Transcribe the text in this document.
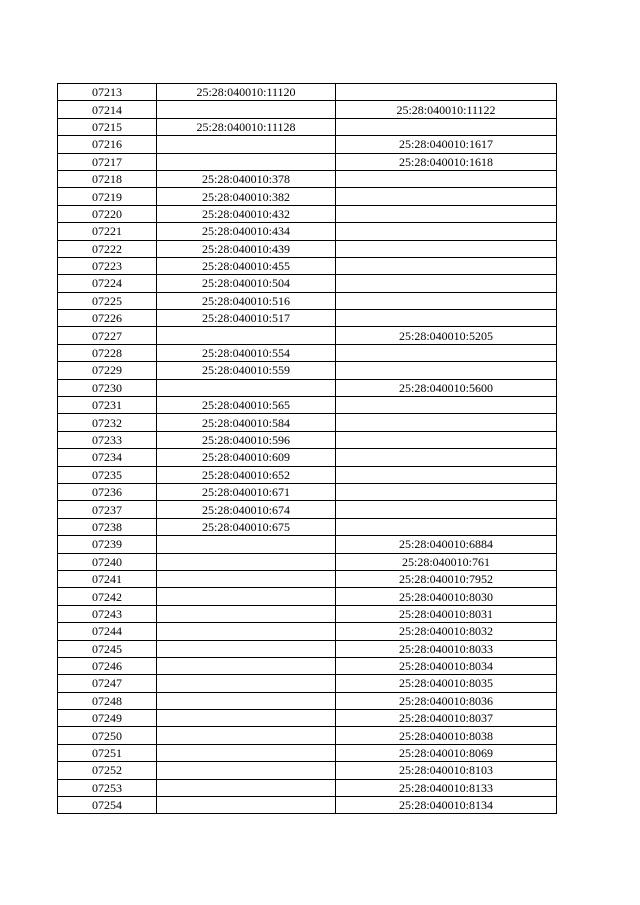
07213	25:28:040010:11120	
07214		25:28:040010:11122
07215	25:28:040010:11128	
07216		25:28:040010:1617
07217		25:28:040010:1618
07218	25:28:040010:378	
07219	25:28:040010:382	
07220	25:28:040010:432	
07221	25:28:040010:434	
07222	25:28:040010:439	
07223	25:28:040010:455	
07224	25:28:040010:504	
07225	25:28:040010:516	
07226	25:28:040010:517	
07227		25:28:040010:5205
07228	25:28:040010:554	
07229	25:28:040010:559	
07230		25:28:040010:5600
07231	25:28:040010:565	
07232	25:28:040010:584	
07233	25:28:040010:596	
07234	25:28:040010:609	
07235	25:28:040010:652	
07236	25:28:040010:671	
07237	25:28:040010:674	
07238	25:28:040010:675	
07239		25:28:040010:6884
07240		25:28:040010:761
07241		25:28:040010:7952
07242		25:28:040010:8030
07243		25:28:040010:8031
07244		25:28:040010:8032
07245		25:28:040010:8033
07246		25:28:040010:8034
07247		25:28:040010:8035
07248		25:28:040010:8036
07249		25:28:040010:8037
07250		25:28:040010:8038
07251		25:28:040010:8069
07252		25:28:040010:8103
07253		25:28:040010:8133
07254		25:28:040010:8134
